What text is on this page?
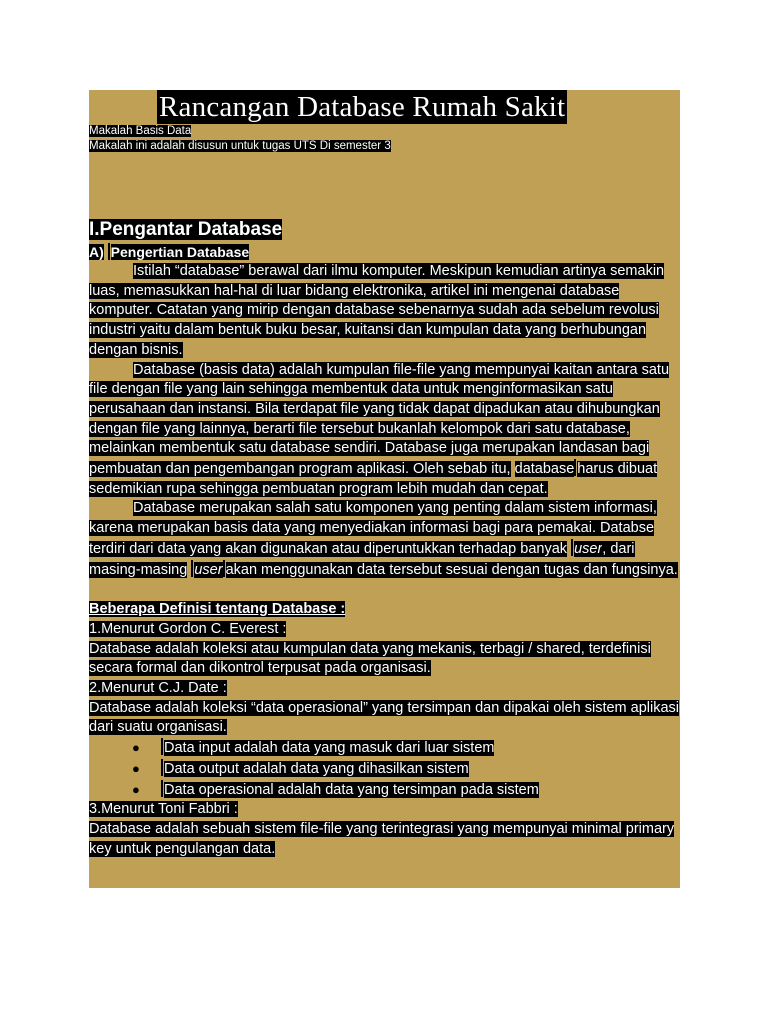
Rancangan Database Rumah Sakit
Makalah Basis Data
Makalah ini adalah disusun untuk tugas UTS Di semester 3
I.Pengantar Database
A) Pengertian Database

Istilah “database” berawal dari ilmu komputer. Meskipun kemudian artinya semakin luas, memasukkan hal-hal di luar bidang elektronika, artikel ini mengenai database komputer. Catatan yang mirip dengan database sebenarnya sudah ada sebelum revolusi industri yaitu dalam bentuk buku besar, kuitansi dan kumpulan data yang berhubungan dengan bisnis.

Database (basis data) adalah kumpulan file-file yang mempunyai kaitan antara satu file dengan file yang lain sehingga membentuk data untuk menginformasikan satu perusahaan dan instansi. Bila terdapat file yang tidak dapat dipadukan atau dihubungkan dengan file yang lainnya, berarti file tersebut bukanlah kelompok dari satu database, melainkan membentuk satu database sendiri. Database juga merupakan landasan bagi pembuatan dan pengembangan program aplikasi. Oleh sebab itu, database harus dibuat sedemikian rupa sehingga pembuatan program lebih mudah dan cepat.

Database merupakan salah satu komponen yang penting dalam sistem informasi, karena merupakan basis data yang menyediakan informasi bagi para pemakai. Databse terdiri dari data yang akan digunakan atau diperuntukkan terhadap banyak user, dari masing-masing user akan menggunakan data tersebut sesuai dengan tugas dan fungsinya.

Beberapa Definisi tentang Database :
1.Menurut Gordon C. Everest :

Database adalah koleksi atau kumpulan data yang mekanis, terbagi / shared, terdefinisi secara formal dan dikontrol terpusat pada organisasi.

2.Menurut C.J. Date :

Database adalah koleksi “data operasional” yang tersimpan dan dipakai oleh sistem aplikasi dari suatu organisasi.

● Data input adalah data yang masuk dari luar sistem
● Data output adalah data yang dihasilkan sistem
● Data operasional adalah data yang tersimpan pada sistem
3.Menurut Toni Fabbri :

Database adalah sebuah sistem file-file yang terintegrasi yang mempunyai minimal primary key untuk pengulangan data.
